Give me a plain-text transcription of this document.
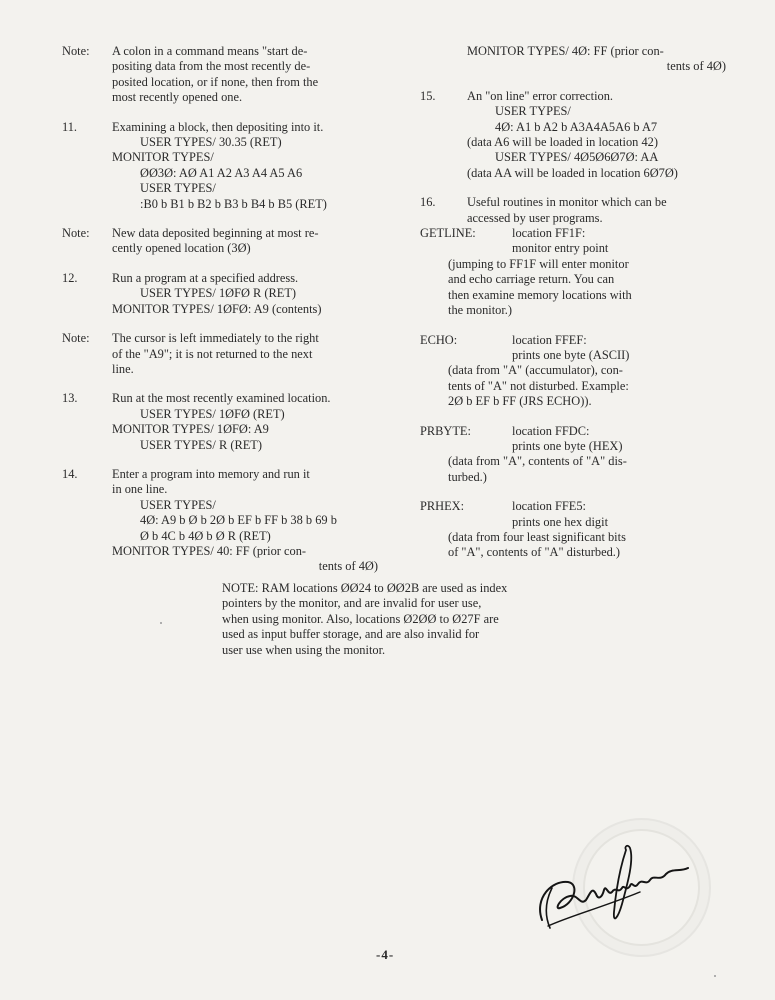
Note: A colon in a command means "start de-
positing data from the most recently de-
posited location, or if none, then from the
most recently opened one.
11.	Examining a block, then depositing into it.
USER TYPES/ 30.35 (RET)
MONITOR TYPES/
ØØ3Ø: AØ A1 A2 A3 A4 A5 A6
USER TYPES/
:B0 b B1 b B2 b B3 b B4 b B5 (RET)
Note: New data deposited beginning at most re-
cently opened location (3Ø)
12.	Run a program at a specified address.
USER TYPES/ 1ØFØ R (RET)
MONITOR TYPES/ 1ØFØ: A9 (contents)
Note: The cursor is left immediately to the right
of the "A9"; it is not returned to the next
line.
13.	Run at the most recently examined location.
USER TYPES/ 1ØFØ (RET)
MONITOR TYPES/ 1ØFØ: A9
USER TYPES/ R (RET)
14.	Enter a program into memory and run it
in one line.
USER TYPES/
4Ø: A9 b Ø b 2Ø b EF b FF b 38 b 69 b
Ø b 4C b 4Ø b Ø R (RET)
MONITOR TYPES/ 40: FF (prior con-
tents of 4Ø)
MONITOR TYPES/ 4Ø: FF (prior con-
tents of 4Ø)
15.	An "on line" error correction.
USER TYPES/
4Ø: A1 b A2 b A3A4A5A6 b A7
(data A6 will be loaded in location 42)
USER TYPES/ 4Ø5Ø6Ø7Ø: AA
(data AA will be loaded in location 6Ø7Ø)
16.	Useful routines in monitor which can be
accessed by user programs.
GETLINE:	location FF1F:
monitor entry point
(jumping to FF1F will enter monitor
and echo carriage return. You can
then examine memory locations with
the monitor.)
ECHO:	location FFEF:
prints one byte (ASCII)
(data from "A" (accumulator), con-
tents of "A" not disturbed. Example:
2Ø b EF b FF (JRS ECHO)).
PRBYTE:	location FFDC:
prints one byte (HEX)
(data from "A", contents of "A" dis-
turbed.)
PRHEX:	location FFE5:
prints one hex digit
(data from four least significant bits
of "A", contents of "A" disturbed.)
NOTE: RAM locations ØØ24 to ØØ2B are used as index
pointers by the monitor, and are invalid for user use,
when using monitor. Also, locations Ø2ØØ to Ø27F are
used as input buffer storage, and are also invalid for
user use when using the monitor.
-4-
